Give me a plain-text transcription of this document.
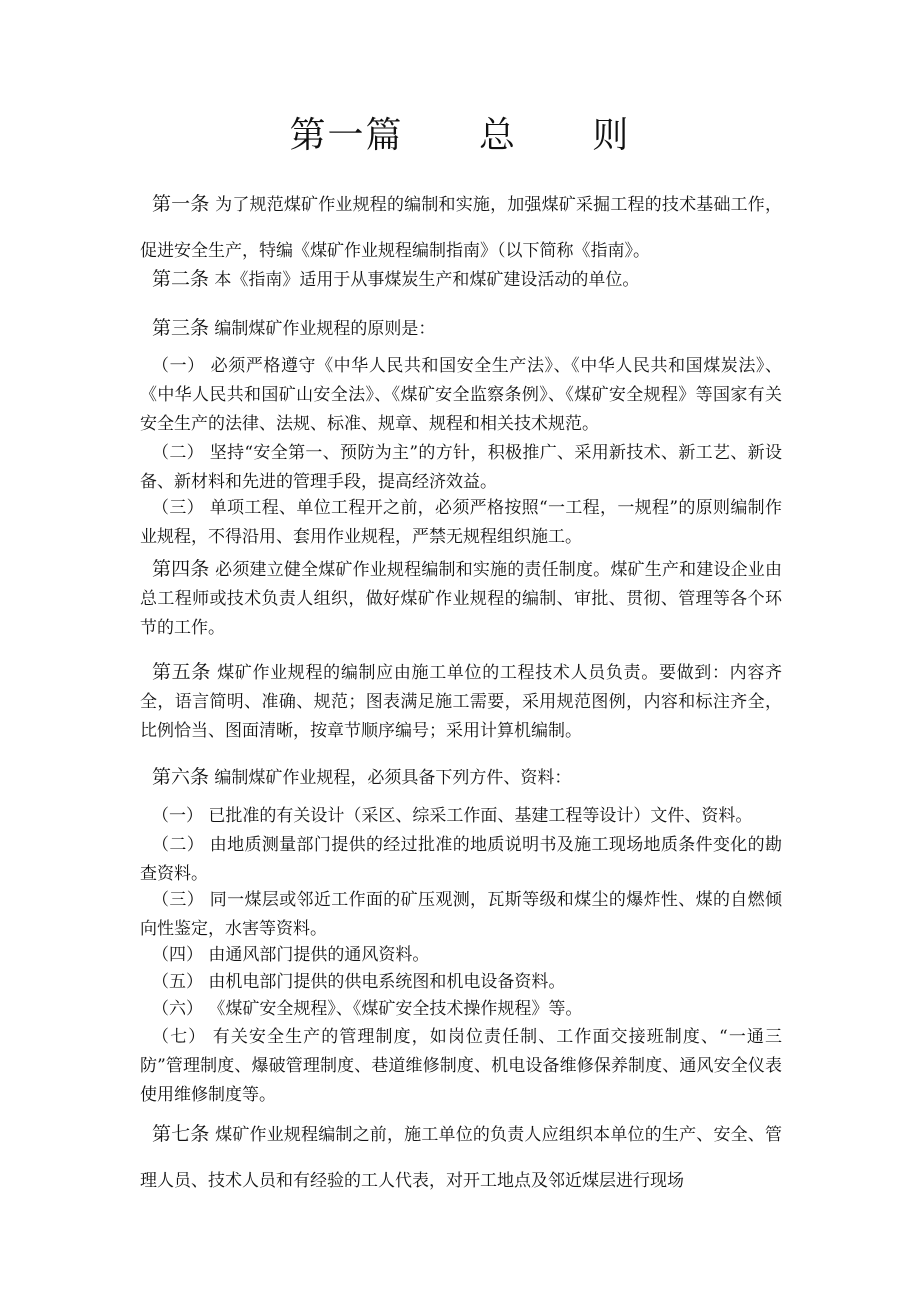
第一篇　 总　 则

第一条 为了规范煤矿作业规程的编制和实施，加强煤矿采掘工程的技术基础工作，促进安全生产，特编《煤矿作业规程编制指南》（以下简称《指南》。

第二条 本《指南》适用于从事煤炭生产和煤矿建设活动的单位。

第三条 编制煤矿作业规程的原则是：

（一） 必须严格遵守《中华人民共和国安全生产法》、《中华人民共和国煤炭法》、《中华人民共和国矿山安全法》、《煤矿安全监察条例》、《煤矿安全规程》等国家有关安全生产的法律、法规、标准、规章、规程和相关技术规范。

（二） 坚持“安全第一、预防为主”的方针，积极推广、采用新技术、新工艺、新设备、新材料和先进的管理手段，提高经济效益。

（三） 单项工程、单位工程开之前，必须严格按照“一工程，一规程”的原则编制作业规程，不得沿用、套用作业规程，严禁无规程组织施工。

第四条 必须建立健全煤矿作业规程编制和实施的责任制度。煤矿生产和建设企业由总工程师或技术负责人组织，做好煤矿作业规程的编制、审批、贯彻、管理等各个环节的工作。

第五条 煤矿作业规程的编制应由施工单位的工程技术人员负责。要做到：内容齐全，语言简明、准确、规范；图表满足施工需要，采用规范图例，内容和标注齐全，比例恰当、图面清晰，按章节顺序编号；采用计算机编制。

第六条 编制煤矿作业规程，必须具备下列方件、资料：

（一） 已批准的有关设计（采区、综采工作面、基建工程等设计）文件、资料。

（二） 由地质测量部门提供的经过批准的地质说明书及施工现场地质条件变化的勘查资料。

（三） 同一煤层或邻近工作面的矿压观测，瓦斯等级和煤尘的爆炸性、煤的自燃倾向性鉴定，水害等资料。

（四） 由通风部门提供的通风资料。

（五） 由机电部门提供的供电系统图和机电设备资料。

（六） 《煤矿安全规程》、《煤矿安全技术操作规程》等。

（七） 有关安全生产的管理制度，如岗位责任制、工作面交接班制度、“一通三防”管理制度、爆破管理制度、巷道维修制度、机电设备维修保养制度、通风安全仪表使用维修制度等。

第七条 煤矿作业规程编制之前，施工单位的负责人应组织本单位的生产、安全、管理人员、技术人员和有经验的工人代表，对开工地点及邻近煤层进行现场
